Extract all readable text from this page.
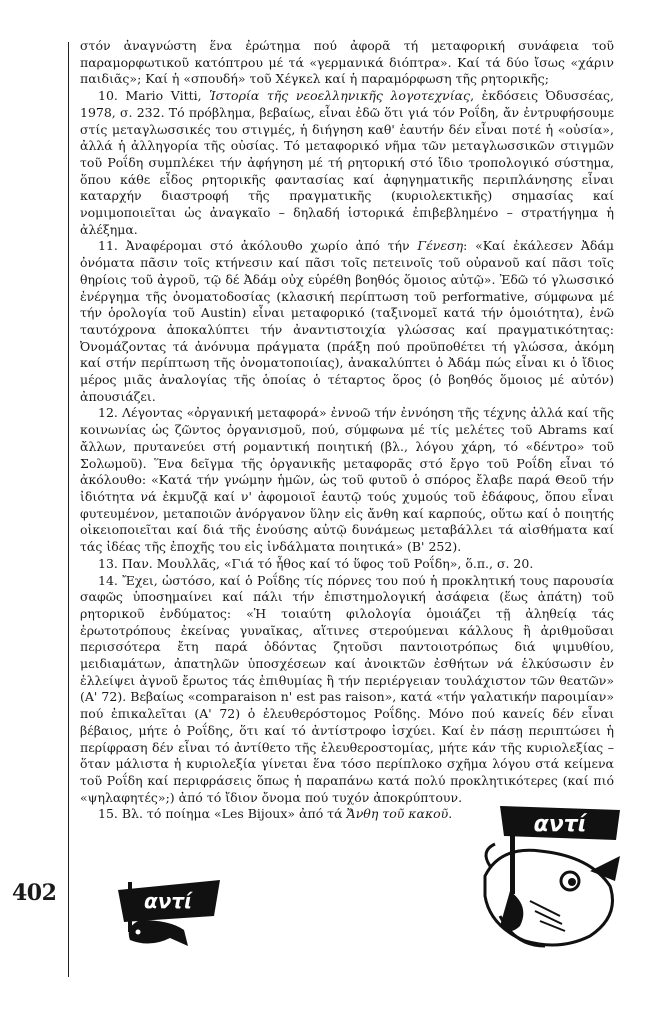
402

στόν ἀναγνώστη ἕνα ἐρώτημα πού ἀφορᾶ τή μεταφορική συνάφεια τοῦ παραμορφωτικοῦ κατόπτρου μέ τά «γερμανικά διόπτρα». Καί τά δύο ἴσως «χάριν παιδιᾶς»; Καί ἡ «σπουδή» τοῦ Χέγκελ καί ἡ παραμόρφωση τῆς ρητορικῆς;

10. Mario Vitti, Ἱστορία τῆς νεοελληνικῆς λογοτεχνίας, ἐκδόσεις Ὀδυσσέας, 1978, σ. 232. Τό πρόβλημα, βεβαίως, εἶναι ἐδῶ ὅτι γιά τόν Ροΐδη, ἄν ἐντρυφήσουμε στίς μεταγλωσσικές του στιγμές, ἡ διήγηση καθ' ἑαυτήν δέν εἶναι ποτέ ἡ «οὐσία», ἀλλά ἡ ἀλληγορία τῆς οὐσίας. Τό μεταφορικό νῆμα τῶν μεταγλωσσικῶν στιγμῶν τοῦ Ροΐδη συμπλέκει τήν ἀφήγηση μέ τή ρητορική στό ἴδιο τροπολογικό σύστημα, ὅπου κάθε εἶδος ρητορικῆς φαντασίας καί ἀφηγηματικῆς περιπλάνησης εἶναι καταρχήν διαστροφή τῆς πραγματικῆς (κυριολεκτικῆς) σημασίας καί νομιμοποιεῖται ὡς ἀναγκαῖο – δηλαδή ἱστορικά ἐπιβεβλημένο – στρατήγημα ἡ ἀλέξημα.

11. Ἀναφέρομαι στό ἀκόλουθο χωρίο ἀπό τήν Γένεση: «Καί ἐκάλεσεν Ἀδάμ ὀνόματα πᾶσιν τοῖς κτήνεσιν καί πᾶσι τοῖς πετεινοῖς τοῦ οὐρανοῦ καί πᾶσι τοῖς θηρίοις τοῦ ἀγροῦ, τῷ δέ Ἀδάμ οὐχ εὑρέθη βοηθός ὅμοιος αὐτῷ». Ἐδῶ τό γλωσσικό ἐνέργημα τῆς ὀνοματοδοσίας (κλασική περίπτωση τοῦ performative, σύμφωνα μέ τήν ὁρολογία τοῦ Austin) εἶναι μεταφορικό (ταξινομεῖ κατά τήν ὁμοιότητα), ἐνῶ ταυτόχρονα ἀποκαλύπτει τήν ἀναντιστοιχία γλώσσας καί πραγματικότητας: Ὀνομάζοντας τά ἀνόνυμα πράγματα (πράξη πού προϋποθέτει τή γλώσσα, ἀκόμη καί στήν περίπτωση τῆς ὀνοματοποιίας), ἀνακαλύπτει ὁ Ἀδάμ πώς εἶναι κι ὁ ἴδιος μέρος μιᾶς ἀναλογίας τῆς ὁποίας ὁ τέταρτος ὅρος (ὁ βοηθός ὅμοιος μέ αὐτόν) ἀπουσιάζει.

12. Λέγοντας «ὀργανική μεταφορά» ἐννοῶ τήν ἐννόηση τῆς τέχνης ἀλλά καί τῆς κοινωνίας ὡς ζῶντος ὀργανισμοῦ, πού, σύμφωνα μέ τίς μελέτες τοῦ Abrams καί ἄλλων, πρυτανεύει στή ρομαντική ποιητική (βλ., λόγου χάρη, τό «δέντρο» τοῦ Σολωμοῦ). Ἕνα δεῖγμα τῆς ὀργανικῆς μεταφορᾶς στό ἔργο τοῦ Ροΐδη εἶναι τό ἀκόλουθο: «Κατά τήν γνώμην ἡμῶν, ὡς τοῦ φυτοῦ ὁ σπόρος ἔλαβε παρά Θεοῦ τήν ἰδιότητα νά ἐκμυζᾷ καί ν' ἀφομοιοῖ ἑαυτῷ τούς χυμούς τοῦ ἐδάφους, ὅπου εἶναι φυτευμένον, μεταποιῶν ἀνόργανον ὕλην εἰς ἄνθη καί καρπούς, οὕτω καί ὁ ποιητής οἰκειοποιεῖται καί διά τῆς ἑνούσης αὐτῷ δυνάμεως μεταβάλλει τά αἰσθήματα καί τάς ἰδέας τῆς ἐποχῆς του εἰς ἰνδάλματα ποιητικά» (Β' 252).

13. Παν. Μουλλᾶς, «Γιά τό ἦθος καί τό ὕφος τοῦ Ροΐδη», ὅ.π., σ. 20.

14. Ἔχει, ὡστόσο, καί ὁ Ροΐδης τίς πόρνες του πού ἡ προκλητική τους παρουσία σαφῶς ὑποσημαίνει καί πάλι τήν ἐπιστημολογική ἀσάφεια (ἕως ἀπάτη) τοῦ ρητορικοῦ ἐνδύματος: «Ἡ τοιαύτη φιλολογία ὁμοιάζει τῇ ἀληθείᾳ τάς ἐρωτοτρόπους ἐκείνας γυναῖκας, αἵτινες στερούμεναι κάλλους ἢ ἀριθμοῦσαι περισσότερα ἔτη παρά ὀδόντας ζητοῦσι παντοιοτρόπως διά ψιμυθίου, μειδιαμάτων, ἀπατηλῶν ὑποσχέσεων καί ἀνοικτῶν ἐσθήτων νά ἑλκύσωσιν ἐν ἐλλείψει ἀγνοῦ ἔρωτος τάς ἐπιθυμίας ἢ τήν περιέργειαν τουλάχιστον τῶν θεατῶν» (Α' 72). Βεβαίως «comparaison n' est pas raison», κατά «τήν γαλατικήν παροιμίαν» πού ἐπικαλεῖται (Α' 72) ὁ ἐλευθερόστομος Ροΐδης. Μόνο πού κανείς δέν εἶναι βέβαιος, μήτε ὁ Ροΐδης, ὅτι καί τό ἀντίστροφο ἰσχύει. Καί ἐν πάσῃ περιπτώσει ἡ περίφραση δέν εἶναι τό ἀντίθετο τῆς ἐλευθεροστομίας, μήτε κάν τῆς κυριολεξίας – ὅταν μάλιστα ἡ κυριολεξία γίνεται ἕνα τόσο περίπλοκο σχῆμα λόγου στά κείμενα τοῦ Ροΐδη καί περιφράσεις ὅπως ἡ παραπάνω κατά πολύ προκλητικότερες (καί πιό «ψηλαφητές»;) ἀπό τό ἴδιον ὄνομα πού τυχόν ἀποκρύπτουν.

15. Βλ. τό ποίημα «Les Bijoux» ἀπό τά Ἄνθη τοῦ κακοῦ.

αντί
αντί
